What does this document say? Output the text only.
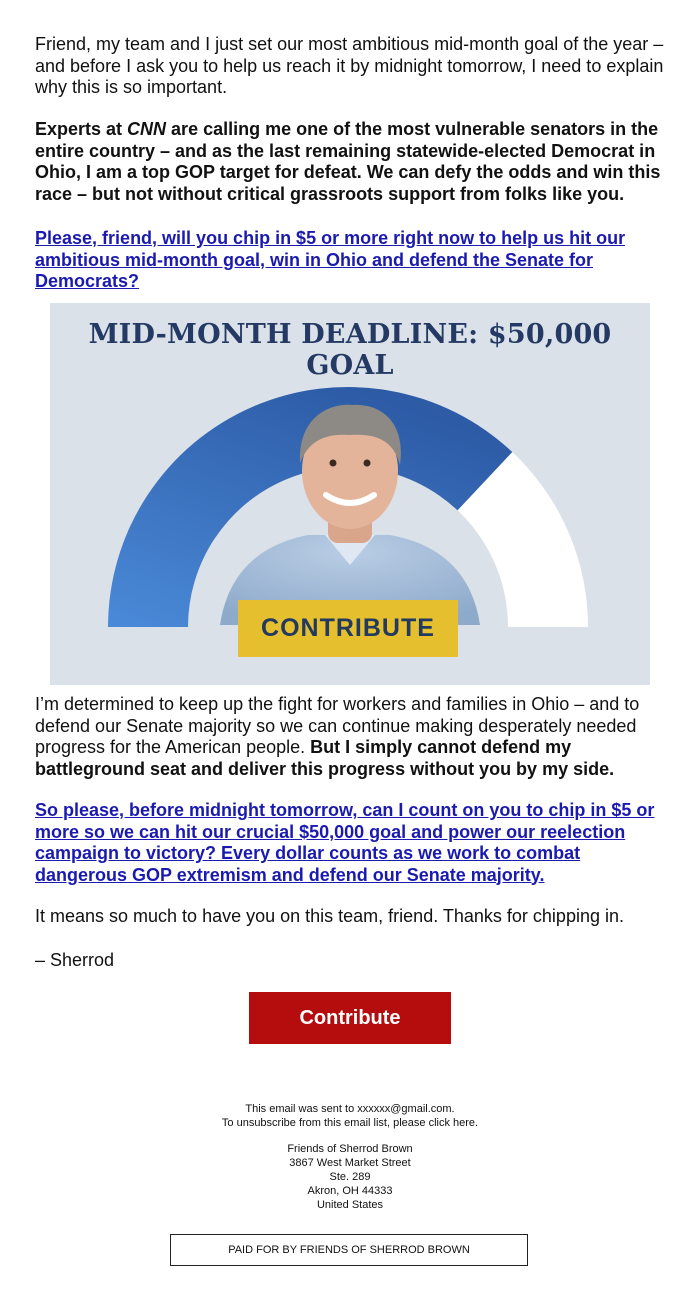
Friend, my team and I just set our most ambitious mid-month goal of the year – and before I ask you to help us reach it by midnight tomorrow, I need to explain why this is so important.

Experts at CNN are calling me one of the most vulnerable senators in the entire country – and as the last remaining statewide-elected Democrat in Ohio, I am a top GOP target for defeat. We can defy the odds and win this race – but not without critical grassroots support from folks like you.

Please, friend, will you chip in $5 or more right now to help us hit our ambitious mid-month goal, win in Ohio and defend the Senate for Democrats?

I’m determined to keep up the fight for workers and families in Ohio – and to defend our Senate majority so we can continue making desperately needed progress for the American people. But I simply cannot defend my battleground seat and deliver this progress without you by my side.

So please, before midnight tomorrow, can I count on you to chip in $5 or more so we can hit our crucial $50,000 goal and power our reelection campaign to victory? Every dollar counts as we work to combat dangerous GOP extremism and defend our Senate majority.

It means so much to have you on this team, friend. Thanks for chipping in.

– Sherrod

MID-MONTH DEADLINE: $50,000 GOAL
CONTRIBUTE
Contribute
This email was sent to xxxxxx@gmail.com.
To unsubscribe from this email list, please click here.
Friends of Sherrod Brown
3867 West Market Street
Ste. 289
Akron, OH 44333
United States
PAID FOR BY FRIENDS OF SHERROD BROWN
